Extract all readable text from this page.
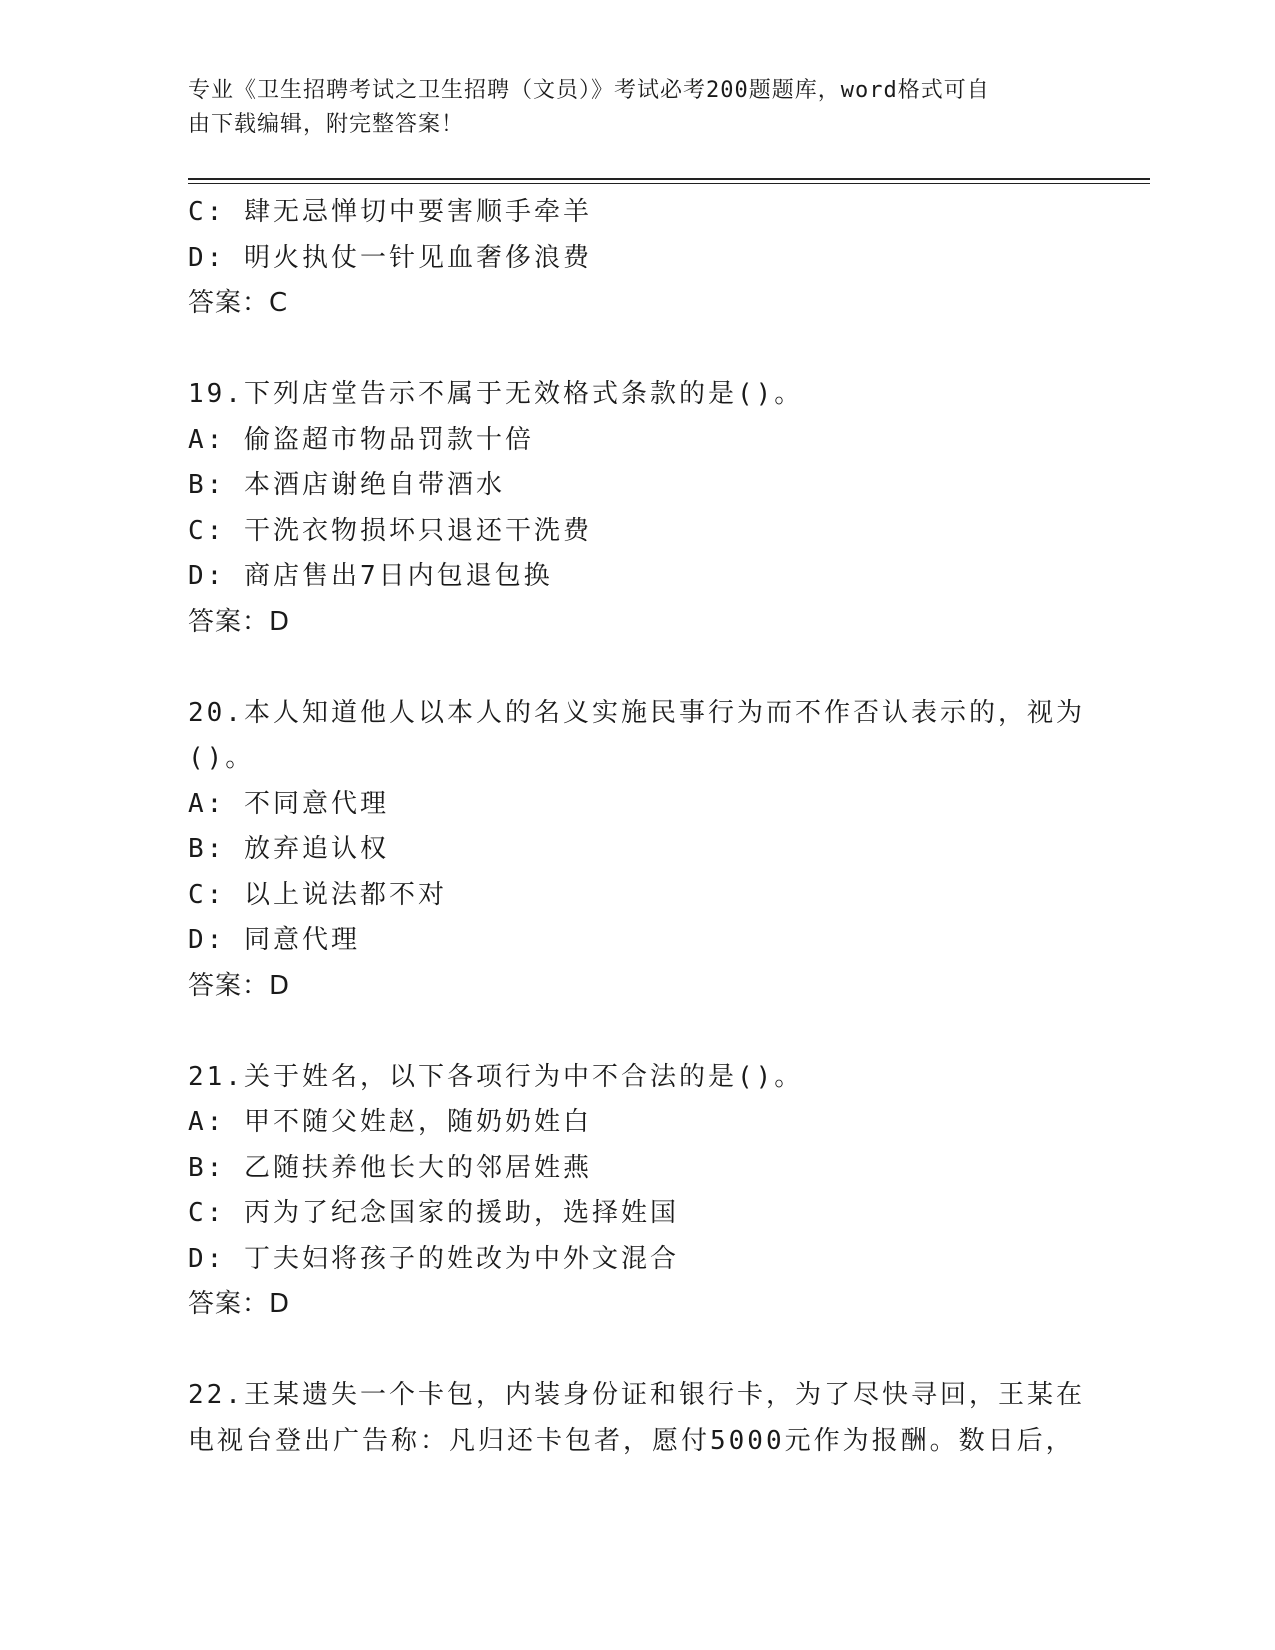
专业《卫生招聘考试之卫生招聘（文员）》考试必考200题题库，word格式可自
由下载编辑，附完整答案！
C: 肆无忌惮切中要害顺手牵羊
D: 明火执仗一针见血奢侈浪费
答案：C
19.下列店堂告示不属于无效格式条款的是()。
A: 偷盗超市物品罚款十倍
B: 本酒店谢绝自带酒水
C: 干洗衣物损坏只退还干洗费
D: 商店售出7日内包退包换
答案：D
20.本人知道他人以本人的名义实施民事行为而不作否认表示的，视为
()。
A: 不同意代理
B: 放弃追认权
C: 以上说法都不对
D: 同意代理
答案：D
21.关于姓名，以下各项行为中不合法的是()。
A: 甲不随父姓赵，随奶奶姓白
B: 乙随扶养他长大的邻居姓燕
C: 丙为了纪念国家的援助，选择姓国
D: 丁夫妇将孩子的姓改为中外文混合
答案：D
22.王某遗失一个卡包，内装身份证和银行卡，为了尽快寻回，王某在
电视台登出广告称：凡归还卡包者，愿付5000元作为报酬。数日后，
